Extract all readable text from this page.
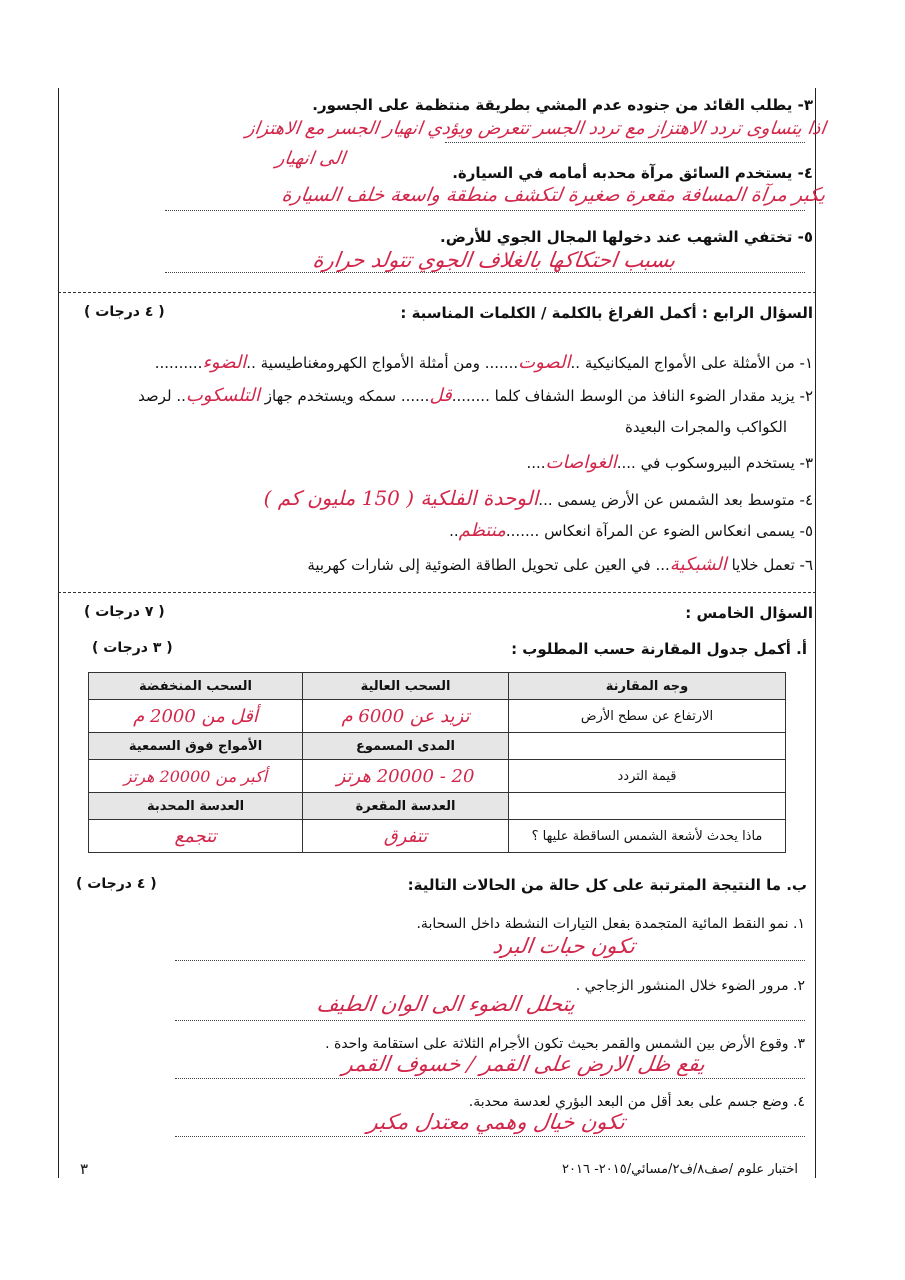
٣- يطلب القائد من جنوده عدم المشي بطريقة منتظمة على الجسور.
اذا يتساوى تردد الاهتزاز مع تردد الجسر تتعرض ويؤدي انهيار الجسر مع الاهتزاز
الى انهيار
٤- يستخدم السائق مرآة محدبه أمامه في السيارة.
يكبر مرآة المسافة مقعرة صغيرة لتكشف منطقة واسعة خلف السيارة
٥- تختفي الشهب عند دخولها المجال الجوي للأرض.
بسبب احتكاكها بالغلاف الجوي تتولد حرارة
السؤال الرابع : أكمل الفراغ بالكلمة / الكلمات المناسبة :
( ٤ درجات )
١- من الأمثلة على الأمواج الميكانيكية ..الصوت....... ومن أمثلة الأمواج الكهرومغناطيسية ..الضوء..........
٢- يزيد مقدار الضوء النافذ من الوسط الشفاف كلما ........قل...... سمكه ويستخدم جهاز التلسكوب.. لرصد
الكواكب والمجرات البعيدة
٣- يستخدم البيروسكوب في ....الغواصات....
٤- متوسط بعد الشمس عن الأرض يسمى ...الوحدة الفلكية ( 150 مليون كم )
٥- يسمى انعكاس الضوء عن المرآة انعكاس .......منتظم..
٦- تعمل خلايا الشبكية... في العين على تحويل الطاقة الضوئية إلى شارات كهربية
السؤال الخامس :
( ٧ درجات )
أ. أكمل جدول المقارنة حسب المطلوب :
( ٣ درجات )
وجه المقارنة	السحب العالية	السحب المنخفضة
الارتفاع عن سطح الأرض	تزيد عن 6000 م	أقل من 2000 م
	المدى المسموع	الأمواج فوق السمعية
قيمة التردد	20 - 20000 هرتز	أكبر من 20000 هرتز
	العدسة المقعرة	العدسة المحدبة
ماذا يحدث لأشعة الشمس الساقطة عليها ؟	تتفرق	تتجمع
ب. ما النتيجة المترتبة على كل حالة من الحالات التالية:
( ٤ درجات )
١. نمو النقط المائية المتجمدة بفعل التيارات النشطة داخل السحابة.
تكون حبات البرد
٢. مرور الضوء خلال المنشور الزجاجي .
يتحلل الضوء الى الوان الطيف
٣. وقوع الأرض بين الشمس والقمر بحيث تكون الأجرام الثلاثة على استقامة واحدة .
يقع ظل الارض على القمر / خسوف القمر
٤. وضع جسم على بعد أقل من البعد البؤري لعدسة محدبة.
تكون خيال وهمي معتدل مكبر
اختبار علوم /صف٨/ف٢/مسائي/٢٠١٥- ٢٠١٦
٣
